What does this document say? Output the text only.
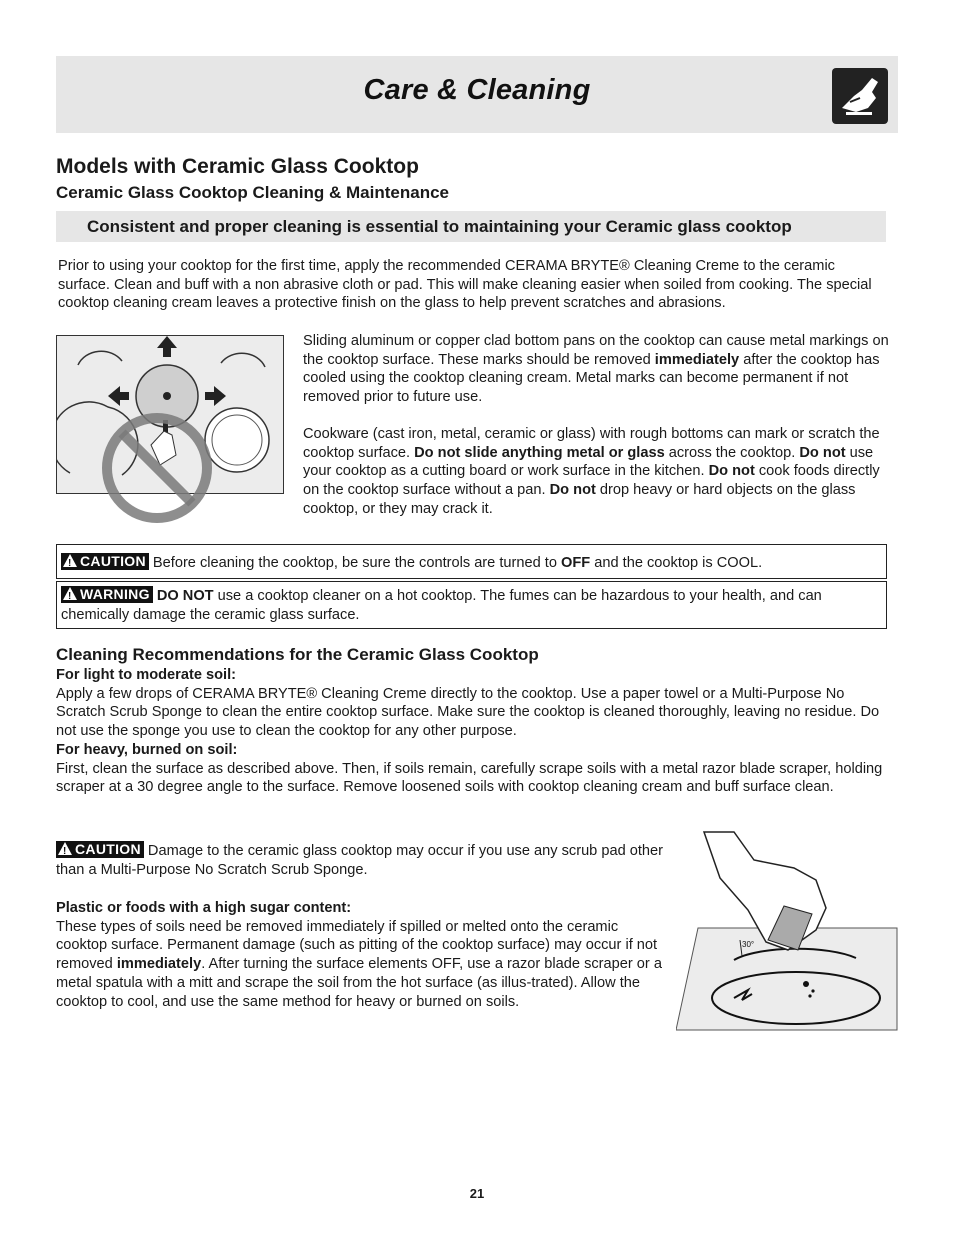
Care & Cleaning
Models with Ceramic Glass Cooktop
Ceramic Glass Cooktop Cleaning & Maintenance
Consistent and proper cleaning is essential to maintaining your Ceramic glass cooktop
Prior to using your cooktop for the first time, apply the recommended CERAMA BRYTE® Cleaning Creme to the ceramic surface. Clean and buff with a non abrasive cloth or pad. This will make cleaning easier when soiled from cooking. The special cooktop cleaning cream leaves a protective finish on the glass to help prevent scratches and abrasions.
Sliding aluminum or copper clad bottom pans on the cooktop can cause metal markings on the cooktop surface. These marks should be removed immediately after the cooktop has cooled using the cooktop cleaning cream. Metal marks can become permanent if not removed prior to future use.
Cookware (cast iron, metal, ceramic or glass) with rough bottoms can mark or scratch the cooktop surface. Do not slide anything metal or glass across the cooktop. Do not use your cooktop as a cutting board or work surface in the kitchen. Do not cook foods directly on the cooktop surface without a pan. Do not drop heavy or hard objects on the glass cooktop, or they may crack it.
!CAUTION Before cleaning the cooktop, be sure the controls are turned to OFF and the cooktop is COOL.
!WARNING DO NOT use a cooktop cleaner on a hot cooktop. The fumes can be hazardous to your health, and can chemically damage the ceramic glass surface.
Cleaning Recommendations for the Ceramic Glass Cooktop
For light to moderate soil:
Apply a few drops of CERAMA BRYTE® Cleaning Creme directly to the cooktop. Use a paper towel or a Multi-Purpose No Scratch Scrub Sponge to clean the entire cooktop surface. Make sure the cooktop is cleaned thoroughly, leaving no residue. Do not use the sponge you use to clean the cooktop for any other purpose.
For heavy, burned on soil:
First, clean the surface as described above. Then, if soils remain, carefully scrape soils with a metal razor blade scraper, holding scraper at a 30 degree angle to the surface. Remove loosened soils with cooktop cleaning cream and buff surface clean.
!CAUTION Damage to the ceramic glass cooktop may occur if you use any scrub pad other than a Multi-Purpose No Scratch Scrub Sponge.
Plastic or foods with a high sugar content:
These types of soils need be removed immediately if spilled or melted onto the ceramic cooktop surface. Permanent damage (such as pitting of the cooktop surface) may occur if not removed immediately. After turning the surface elements OFF, use a razor blade scraper or a metal spatula with a mitt and scrape the soil from the hot surface (as illus-trated). Allow the cooktop to cool, and use the same method for heavy or burned on soils.
30°
21
